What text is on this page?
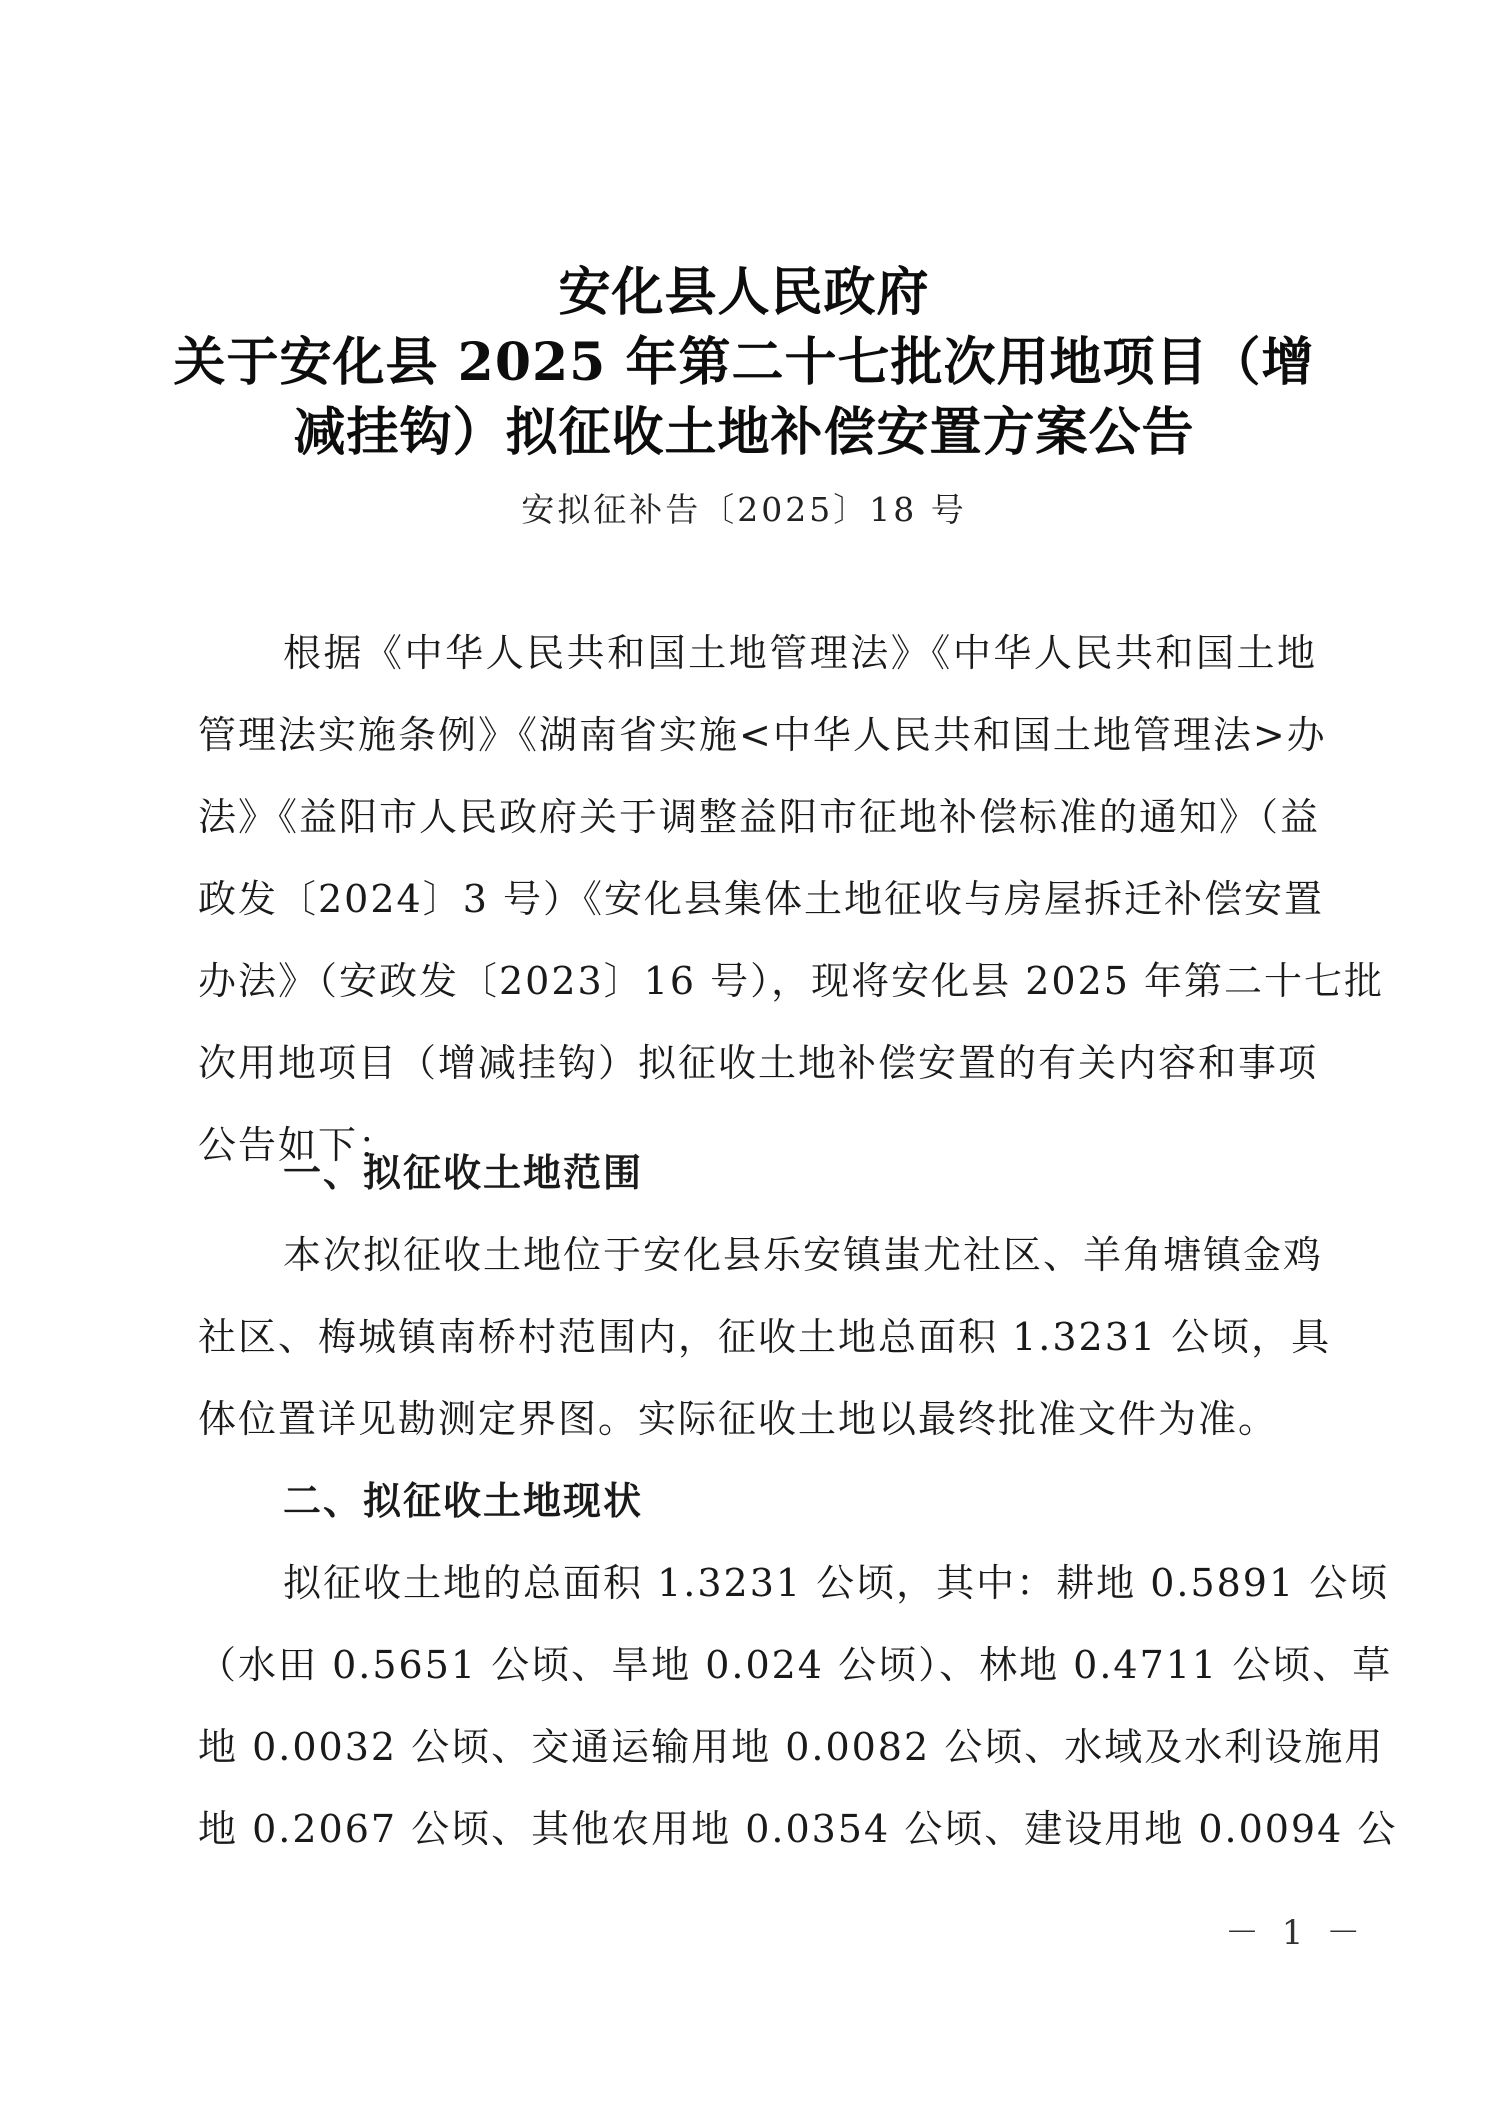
安化县人民政府
关于安化县 2025 年第二十七批次用地项目（增
减挂钩）拟征收土地补偿安置方案公告
安拟征补告〔2025〕18 号

根据《中华人民共和国土地管理法》《中华人民共和国土地

管理法实施条例》《湖南省实施<中华人民共和国土地管理法>办
法》《益阳市人民政府关于调整益阳市征地补偿标准的通知》（益
政发〔2024〕3 号）《安化县集体土地征收与房屋拆迁补偿安置
办法》（安政发〔2023〕16 号），现将安化县 2025 年第二十七批
次用地项目（增减挂钩）拟征收土地补偿安置的有关内容和事项
公告如下：

一、拟征收土地范围

本次拟征收土地位于安化县乐安镇蚩尤社区、羊角塘镇金鸡

社区、梅城镇南桥村范围内，征收土地总面积 1.3231 公顷，具
体位置详见勘测定界图。实际征收土地以最终批准文件为准。

二、拟征收土地现状

拟征收土地的总面积 1.3231 公顷，其中：耕地 0.5891 公顷

（水田 0.5651 公顷、旱地 0.024 公顷）、林地 0.4711 公顷、草
地 0.0032 公顷、交通运输用地 0.0082 公顷、水域及水利设施用
地 0.2067 公顷、其他农用地 0.0354 公顷、建设用地 0.0094 公

－ 1 －
